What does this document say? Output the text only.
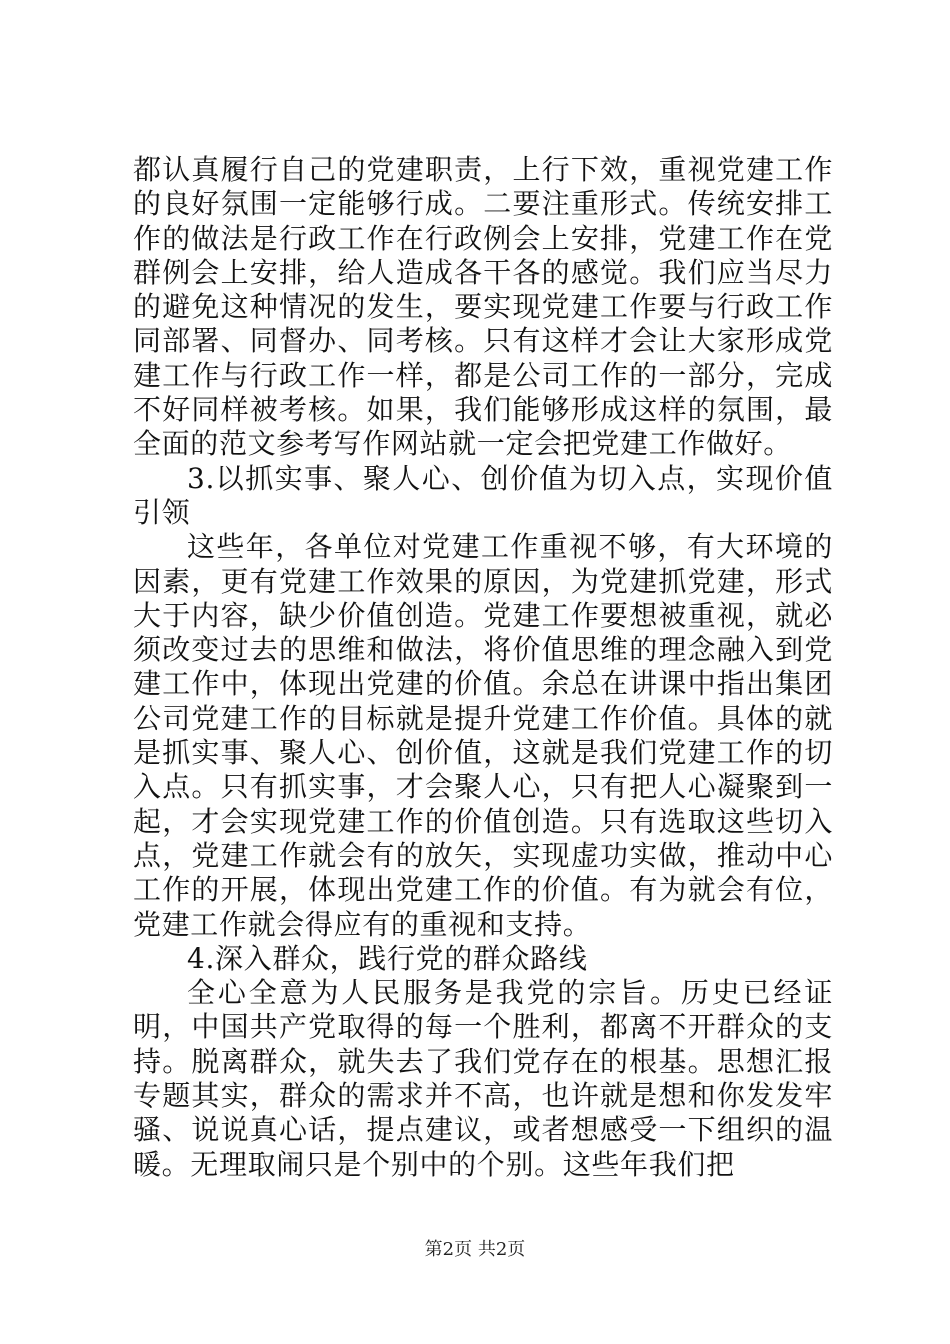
都认真履行自己的党建职责，上行下效，重视党建工作的良好氛围一定能够行成。二要注重形式。传统安排工作的做法是行政工作在行政例会上安排，党建工作在党群例会上安排，给人造成各干各的感觉。我们应当尽力的避免这种情况的发生，要实现党建工作要与行政工作同部署、同督办、同考核。只有这样才会让大家形成党建工作与行政工作一样，都是公司工作的一部分，完成不好同样被考核。如果，我们能够形成这样的氛围，最全面的范文参考写作网站就一定会把党建工作做好。

3.以抓实事、聚人心、创价值为切入点，实现价值引领

这些年，各单位对党建工作重视不够，有大环境的因素，更有党建工作效果的原因，为党建抓党建，形式大于内容，缺少价值创造。党建工作要想被重视，就必须改变过去的思维和做法，将价值思维的理念融入到党建工作中，体现出党建的价值。余总在讲课中指出集团公司党建工作的目标就是提升党建工作价值。具体的就是抓实事、聚人心、创价值，这就是我们党建工作的切入点。只有抓实事，才会聚人心，只有把人心凝聚到一起，才会实现党建工作的价值创造。只有选取这些切入点，党建工作就会有的放矢，实现虚功实做，推动中心工作的开展，体现出党建工作的价值。有为就会有位，党建工作就会得应有的重视和支持。

4.深入群众，践行党的群众路线

全心全意为人民服务是我党的宗旨。历史已经证明，中国共产党取得的每一个胜利，都离不开群众的支持。脱离群众，就失去了我们党存在的根基。思想汇报专题其实，群众的需求并不高，也许就是想和你发发牢骚、说说真心话，提点建议，或者想感受一下组织的温暖。无理取闹只是个别中的个别。这些年我们把

第2页 共2页
